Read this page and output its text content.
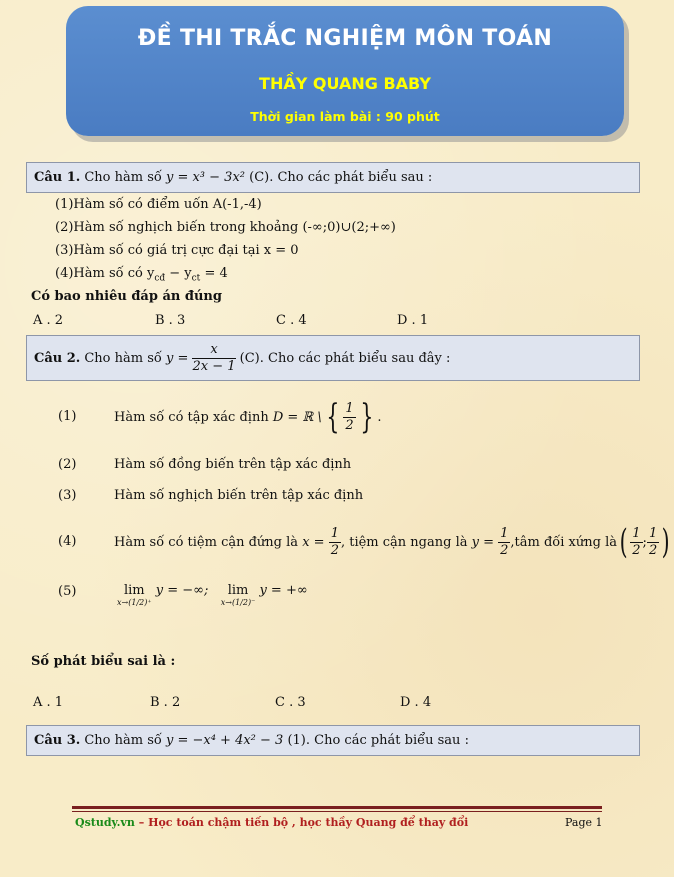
ĐỀ THI TRẮC NGHIỆM MÔN TOÁN
THẦY QUANG BABY
Thời gian làm bài : 90 phút
Câu 1. Cho hàm số
y = x³ − 3x²
(C). Cho các phát biểu sau :
(1)Hàm số có điểm uốn A(-1,-4)
(2)Hàm số nghịch biến trong khoảng (-∞;0)∪(2;+∞)
(3)Hàm số có giá trị cực đại tại x = 0
(4)Hàm số có $y_{cđ} - y_{ct} = 4$
Có bao nhiêu đáp án đúng
A . 2	B . 3	C . 4	D . 1
Câu 2. Cho hàm số
y =
$\frac{x}{2x - 1}$
(C). Cho các phát biểu sau đây :
(1)	Hàm số có tập xác định
D = ℝ \ { $\frac{1}{2}$ } .
(2)	Hàm số đồng biến trên tập xác định
(3)	Hàm số nghịch biến trên tập xác định
(4)	Hàm số có tiệm cận đứng là
x =
$\frac{1}{2}$ , tiệm cận ngang là
y =
$\frac{1}{2}$ ,tâm đối xứng là ( $\frac{1}{2}$ ; $\frac{1}{2}$ )
(5)	lim
x→(1/2)⁺
y = −∞;	lim
x→(1/2)⁻
y = +∞
Số phát biểu sai là :
A . 1	B . 2	C . 3	D . 4
Câu 3. Cho hàm số
y = −x⁴ + 4x² − 3
(1). Cho các phát biểu sau :
Qstudy.vn – Học toán chậm tiến bộ , học thầy Quang để thay đổi	Page 1
